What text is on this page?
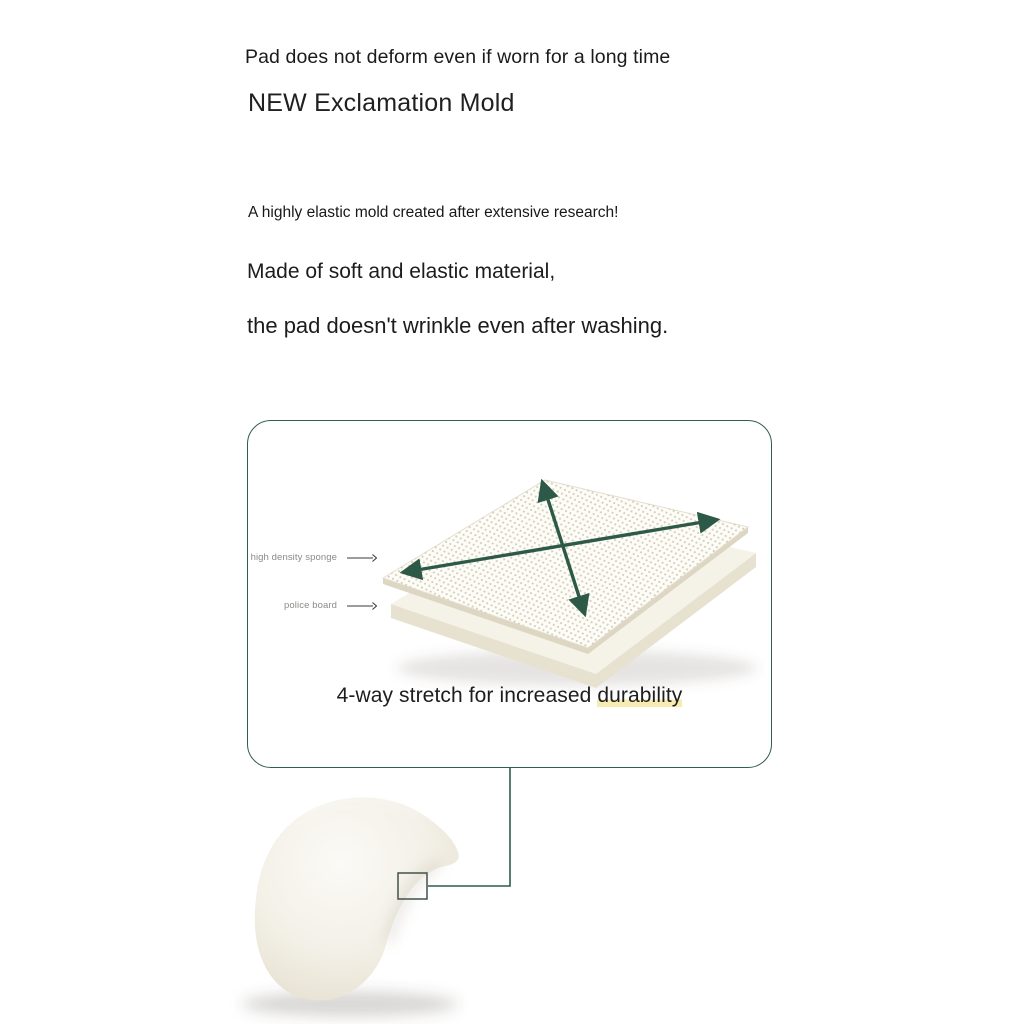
Pad does not deform even if worn for a long time

NEW Exclamation Mold

A highly elastic mold created after extensive research!

Made of soft and elastic material,

the pad doesn't wrinkle even after washing.

high density sponge
police board
4-way stretch for increased durability
